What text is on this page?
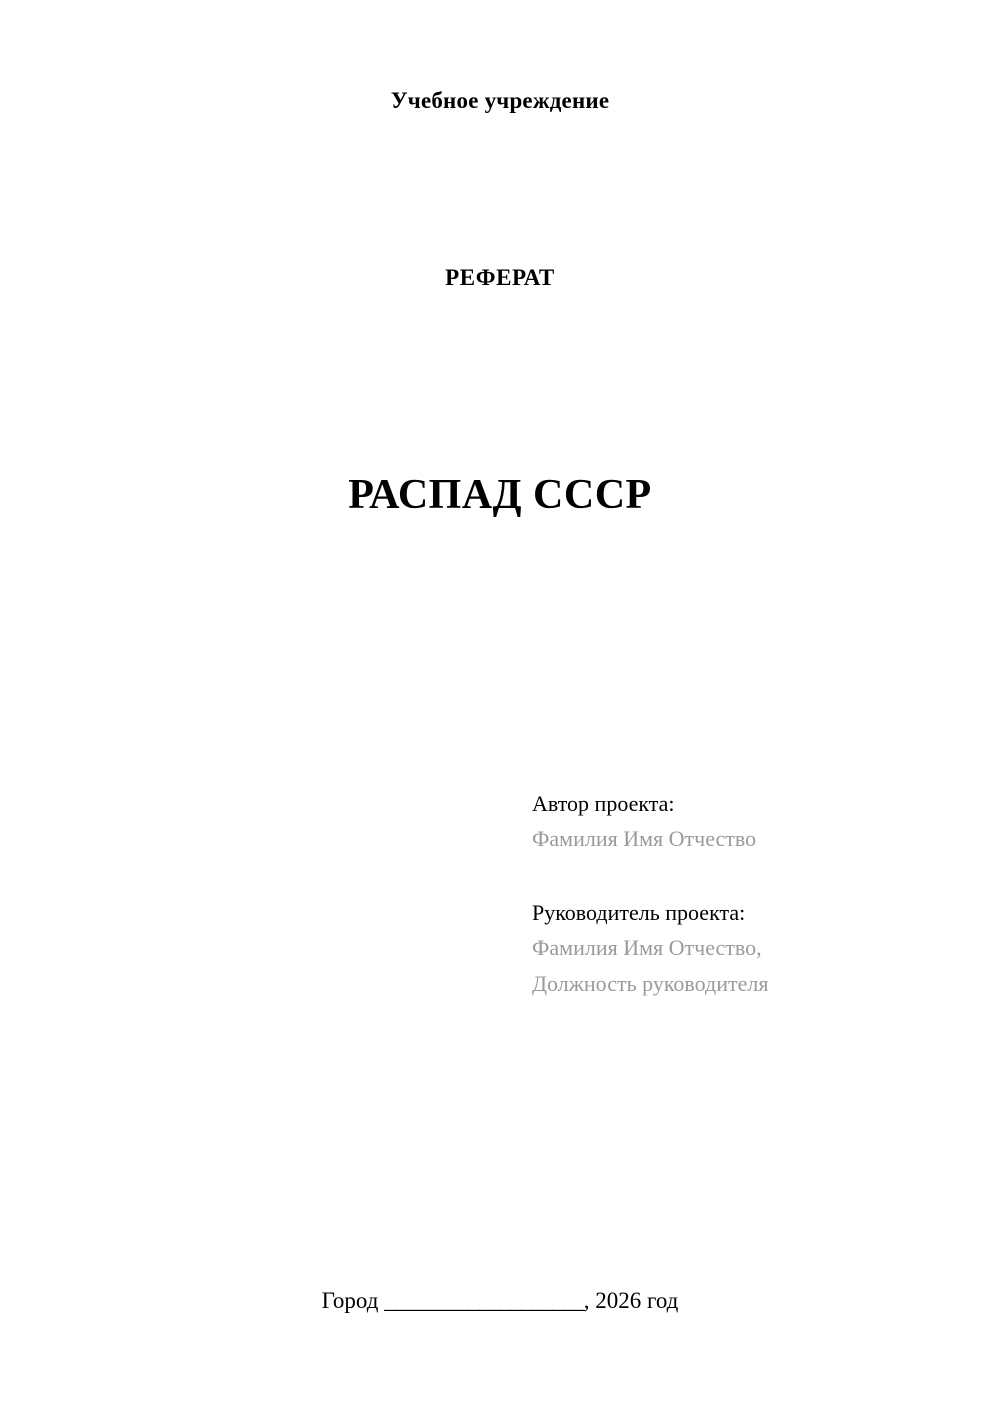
Учебное учреждение
РЕФЕРАТ
РАСПАД СССР
Автор проекта:
Фамилия Имя Отчество
Руководитель проекта:
Фамилия Имя Отчество,
Должность руководителя
Город ___________________, 2026 год
